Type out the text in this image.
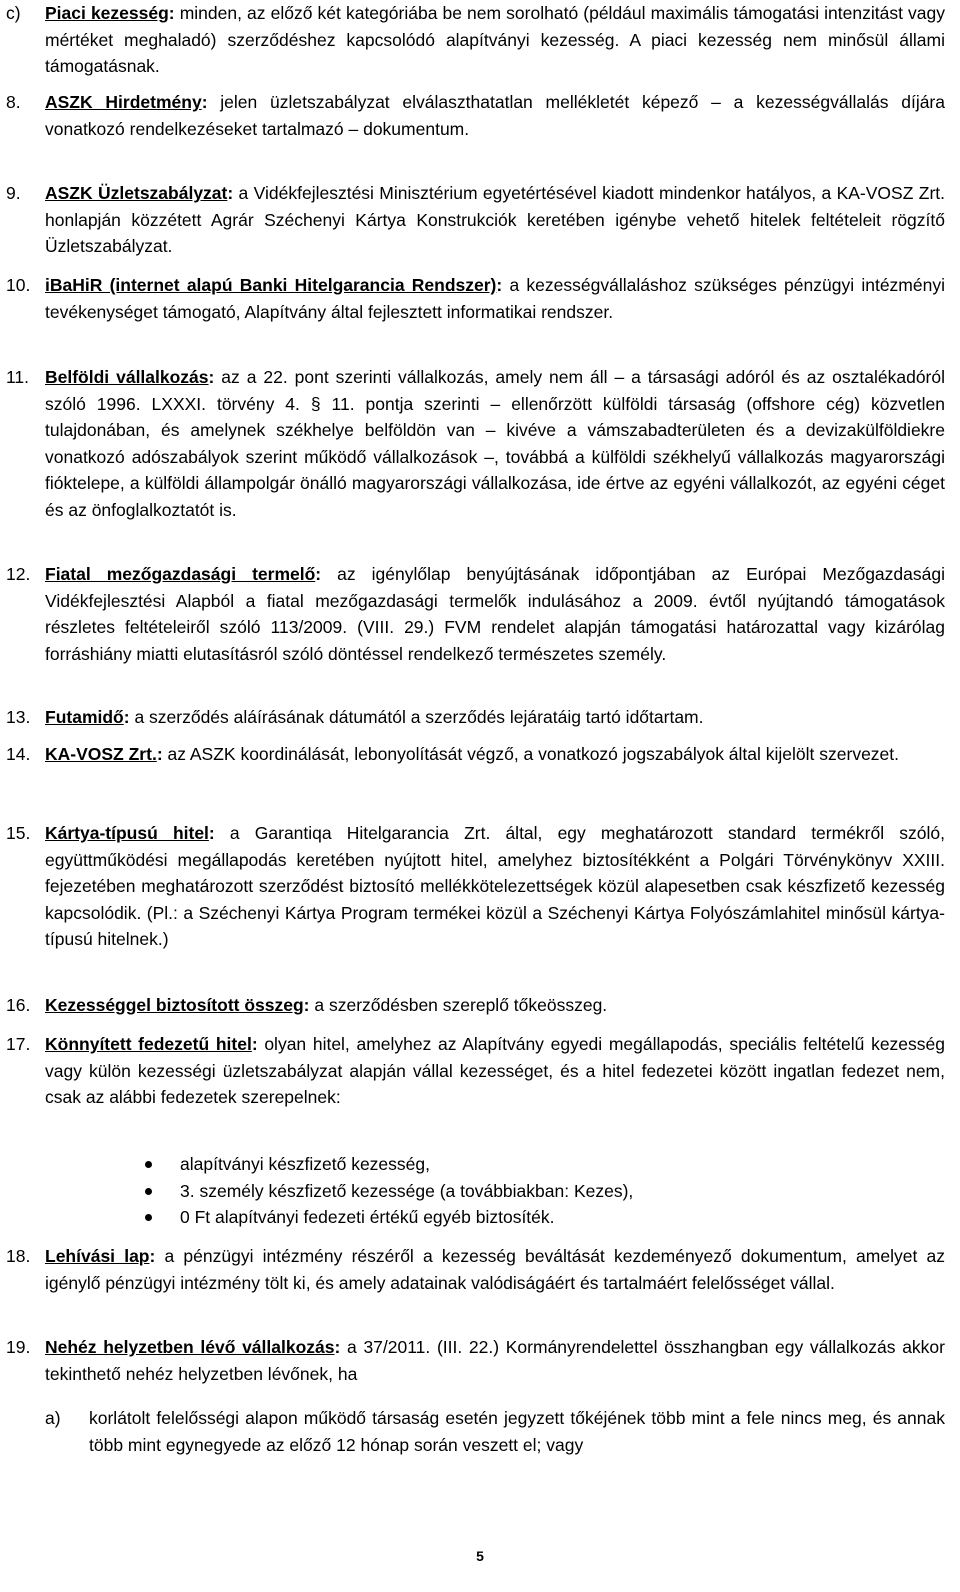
c) Piaci kezesség: minden, az előző két kategóriába be nem sorolható (például maximális támogatási intenzitást vagy mértéket meghaladó) szerződéshez kapcsolódó alapítványi kezesség. A piaci kezesség nem minősül állami támogatásnak.
8. ASZK Hirdetmény: jelen üzletszabályzat elválaszthatatlan mellékletét képező – a kezességvállalás díjára vonatkozó rendelkezéseket tartalmazó – dokumentum.
9. ASZK Üzletszabályzat: a Vidékfejlesztési Minisztérium egyetértésével kiadott mindenkor hatályos, a KA-VOSZ Zrt. honlapján közzétett Agrár Széchenyi Kártya Konstrukciók keretében igénybe vehető hitelek feltételeit rögzítő Üzletszabályzat.
10. iBaHiR (internet alapú Banki Hitelgarancia Rendszer): a kezességvállaláshoz szükséges pénzügyi intézményi tevékenységet támogató, Alapítvány által fejlesztett informatikai rendszer.
11. Belföldi vállalkozás: az a 22. pont szerinti vállalkozás, amely nem áll – a társasági adóról és az osztalékadóról szóló 1996. LXXXI. törvény 4. § 11. pontja szerinti – ellenőrzött külföldi társaság (offshore cég) közvetlen tulajdonában, és amelynek székhelye belföldön van – kivéve a vámszabadterületen és a devizakülföldiekre vonatkozó adószabályok szerint működő vállalkozások –, továbbá a külföldi székhelyű vállalkozás magyarországi fióktelepe, a külföldi állampolgár önálló magyarországi vállalkozása, ide értve az egyéni vállalkozót, az egyéni céget és az önfoglalkoztatót is.
12. Fiatal mezőgazdasági termelő: az igénylőlap benyújtásának időpontjában az Európai Mezőgazdasági Vidékfejlesztési Alapból a fiatal mezőgazdasági termelők indulásához a 2009. évtől nyújtandó támogatások részletes feltételeiről szóló 113/2009. (VIII. 29.) FVM rendelet alapján támogatási határozattal vagy kizárólag forráshiány miatti elutasításról szóló döntéssel rendelkező természetes személy.
13. Futamidő: a szerződés aláírásának dátumától a szerződés lejáratáig tartó időtartam.
14. KA-VOSZ Zrt.: az ASZK koordinálását, lebonyolítását végző, a vonatkozó jogszabályok által kijelölt szervezet.
15. Kártya-típusú hitel: a Garantiqa Hitelgarancia Zrt. által, egy meghatározott standard termékről szóló, együttműködési megállapodás keretében nyújtott hitel, amelyhez biztosítékként a Polgári Törvénykönyv XXIII. fejezetében meghatározott szerződést biztosító mellékkötelezettségek közül alapesetben csak készfizető kezesség kapcsolódik. (Pl.: a Széchenyi Kártya Program termékei közül a Széchenyi Kártya Folyószámlahitel minősül kártya-típusú hitelnek.)
16. Kezességgel biztosított összeg: a szerződésben szereplő tőkeösszeg.
17. Könnyített fedezetű hitel: olyan hitel, amelyhez az Alapítvány egyedi megállapodás, speciális feltételű kezesség vagy külön kezességi üzletszabályzat alapján vállal kezességet, és a hitel fedezetei között ingatlan fedezet nem, csak az alábbi fedezetek szerepelnek:
alapítványi készfizető kezesség,
3. személy készfizető kezessége (a továbbiakban: Kezes),
0 Ft alapítványi fedezeti értékű egyéb biztosíték.
18. Lehívási lap: a pénzügyi intézmény részéről a kezesség beváltását kezdeményező dokumentum, amelyet az igénylő pénzügyi intézmény tölt ki, és amely adatainak valódiságáért és tartalmáért felelősséget vállal.
19. Nehéz helyzetben lévő vállalkozás: a 37/2011. (III. 22.) Kormányrendelettel összhangban egy vállalkozás akkor tekinthető nehéz helyzetben lévőnek, ha
a) korlátolt felelősségi alapon működő társaság esetén jegyzett tőkéjének több mint a fele nincs meg, és annak több mint egynegyede az előző 12 hónap során veszett el; vagy
5
